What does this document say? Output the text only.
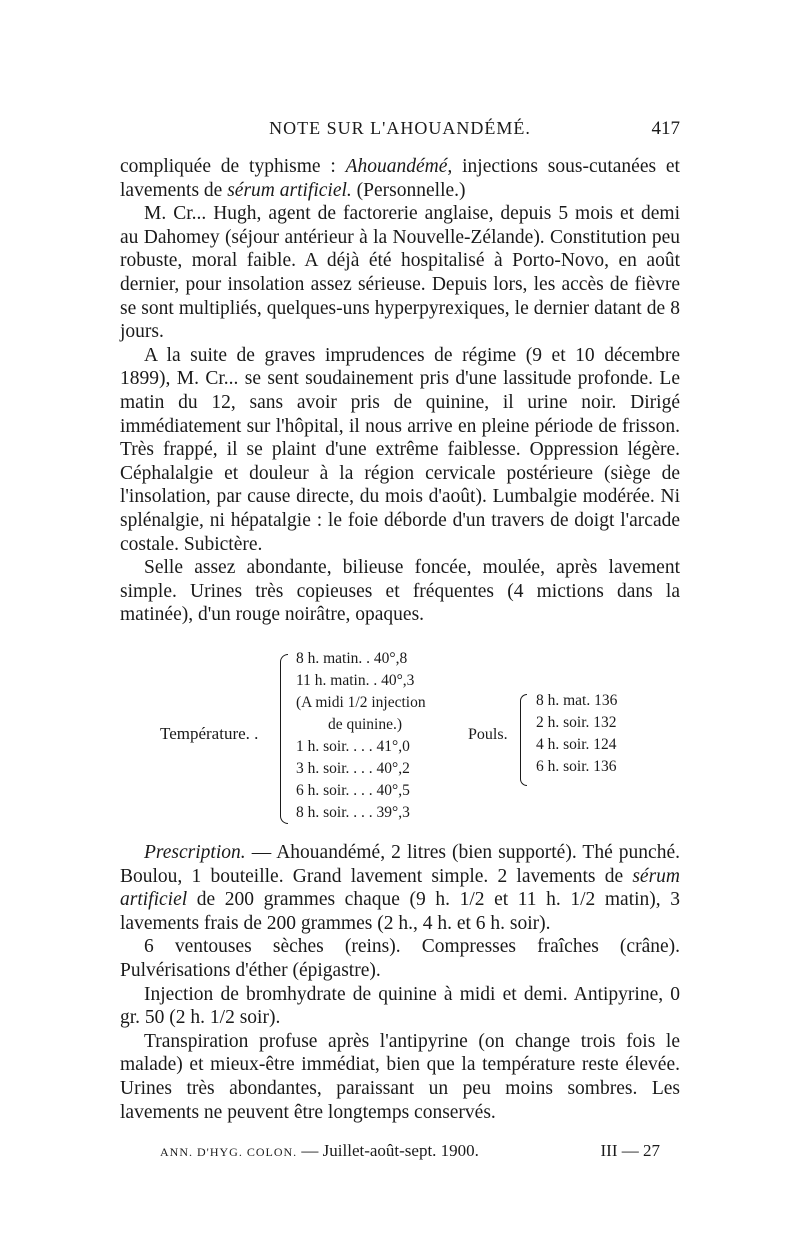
NOTE SUR L'AHOUANDÉMÉ.	417

compliquée de typhisme : Ahouandémé, injections sous-cutanées et lavements de sérum artificiel. (Personnelle.)

M. Cr... Hugh, agent de factorerie anglaise, depuis 5 mois et demi au Dahomey (séjour antérieur à la Nouvelle-Zélande). Constitution peu robuste, moral faible. A déjà été hospitalisé à Porto-Novo, en août dernier, pour insolation assez sérieuse. Depuis lors, les accès de fièvre se sont multipliés, quelques-uns hyperpyrexiques, le dernier datant de 8 jours.

A la suite de graves imprudences de régime (9 et 10 décembre 1899), M. Cr... se sent soudainement pris d'une lassitude profonde. Le matin du 12, sans avoir pris de quinine, il urine noir. Dirigé immédiatement sur l'hôpital, il nous arrive en pleine période de frisson. Très frappé, il se plaint d'une extrême faiblesse. Oppression légère. Céphalalgie et douleur à la région cervicale postérieure (siège de l'insolation, par cause directe, du mois d'août). Lumbalgie modérée. Ni splénalgie, ni hépatalgie : le foie déborde d'un travers de doigt l'arcade costale. Subictère.

Selle assez abondante, bilieuse foncée, moulée, après lavement simple. Urines très copieuses et fréquentes (4 mictions dans la matinée), d'un rouge noirâtre, opaques.

Température. .
8 h. matin. . 40°,8
11 h. matin. . 40°,3
(A midi 1/2 injection
de quinine.)
1 h. soir. . . . 41°,0
3 h. soir. . . . 40°,2
6 h. soir. . . . 40°,5
8 h. soir. . . . 39°,3
Pouls.
8 h. mat. 136
2 h. soir. 132
4 h. soir. 124
6 h. soir. 136

Prescription. — Ahouandémé, 2 litres (bien supporté). Thé punché. Boulou, 1 bouteille. Grand lavement simple. 2 lavements de sérum artificiel de 200 grammes chaque (9 h. 1/2 et 11 h. 1/2 matin), 3 lavements frais de 200 grammes (2 h., 4 h. et 6 h. soir).

6 ventouses sèches (reins). Compresses fraîches (crâne). Pulvérisations d'éther (épigastre).

Injection de bromhydrate de quinine à midi et demi. Antipyrine, 0 gr. 50 (2 h. 1/2 soir).

Transpiration profuse après l'antipyrine (on change trois fois le malade) et mieux-être immédiat, bien que la température reste élevée. Urines très abondantes, paraissant un peu moins sombres. Les lavements ne peuvent être longtemps conservés.

ANN. D'HYG. COLON. — Juillet-août-sept. 1900.	III — 27
